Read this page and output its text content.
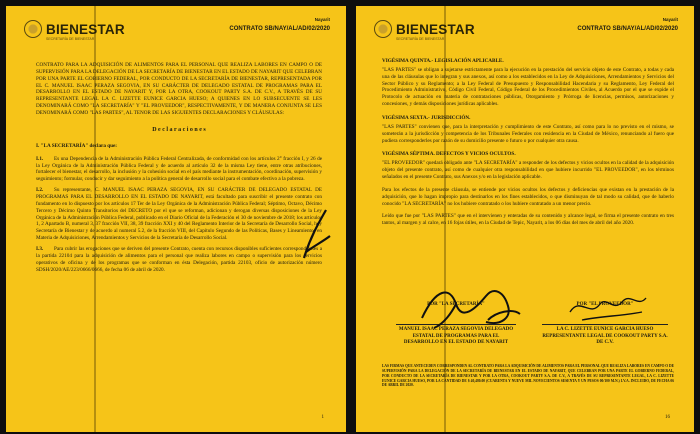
BIENESTAR
SECRETARÍA DE BIENESTAR
Nayarit
CONTRATO SB/NAY/AL/AD/02/2020

CONTRATO PARA LA ADQUISICIÓN DE ALIMENTOS PARA EL PERSONAL QUE REALIZA LABORES EN CAMPO O DE SUPERVISIÓN PARA LA DELEGACIÓN DE LA SECRETARÍA DE BIENESTAR EN EL ESTADO DE NAYARIT QUE CELEBRAN POR UNA PARTE EL GOBIERNO FEDERAL, POR CONDUCTO DE LA SECRETARÍA DE BIENESTAR, REPRESENTADA POR EL C. MANUEL ISAAC PERAZA SEGOVIA, EN SU CARÁCTER DE DELEGADO ESTATAL DE PROGRAMAS PARA EL DESARROLLO EN EL ESTADO DE NAYARIT Y, POR LA OTRA, COOKOUT PARTY S.A. DE C.V., A TRAVÉS DE SU REPRESENTANTE LEGAL LA C. LIZETTE EUNICE GARCIA HUESO; A QUIENES EN LO SUBSECUENTE SE LES DENOMINARÁ COMO "LA SECRETARÍA" Y "EL PROVEEDOR", RESPECTIVAMENTE, Y DE MANERA CONJUNTA SE LES DENOMINARÁ COMO "LAS PARTES", AL TENOR DE LAS SIGUIENTES DECLARACIONES Y CLÁUSULAS:

D e c l a r a c i o n e s

I. "LA SECRETARÍA" declara que:

I.1. Es una Dependencia de la Administración Pública Federal Centralizada, de conformidad con los artículos 2° fracción I, y 26 de la Ley Orgánica de la Administración Pública Federal y de acuerdo al artículo 32 de la misma Ley tiene, entre otras atribuciones, fortalecer el bienestar, el desarrollo, la inclusión y la cohesión social en el país mediante la instrumentación, coordinación, supervisión y seguimiento; formular, conducir y dar seguimiento a la política general de desarrollo social para el combate efectivo a la pobreza.

I.2. Su representante, C. MANUEL ISAAC PERAZA SEGOVIA, EN SU CARÁCTER DE DELEGADO ESTATAL DE PROGRAMAS PARA EL DESARROLLO EN EL ESTADO DE NAYARIT, está facultado para suscribir el presente contrato con fundamento en lo dispuesto por los artículos 17 Ter de la Ley Orgánica de la Administración Pública Federal; Séptimo, Octavo, Décimo Tercero y Décimo Quinto Transitorios del DECRETO por el que se reforman, adicionan y derogan diversas disposiciones de la Ley Orgánica de la Administración Pública Federal, publicado en el Diario Oficial de la Federación el 30 de noviembre de 2018; los artículos 1, 2 Apartado B, numeral 3, 37 fracción VII, 38, 39 fracción XXI y 40 del Reglamento Interior de la Secretaría de Desarrollo Social, hoy Secretaría de Bienestar y de acuerdo al numeral 5.2, de la fracción VIII, del Capítulo Segundo de las Políticas, Bases y Lineamientos en Materia de Adquisiciones, Arrendamientos y Servicios de la Secretaría de Desarrollo Social.

I.3. Para cubrir las erogaciones que se deriven del presente Contrato, cuenta con recursos disponibles suficientes correspondientes a la partida 22104 para la adquisición de alimentos para el personal que realiza labores en campo o supervisión para los servicios operativos de oficina y de los programas que se conforman en ésta Delegación, partida 22103, oficio de autorización número SDSH/2020/AE/223/0666/0666, de fecha 06 de abril de 2020.

1
BIENESTAR
SECRETARÍA DE BIENESTAR
Nayarit
CONTRATO SB/NAY/AL/AD/02/2020

VIGÉSIMA QUINTA.- LEGISLACIÓN APLICABLE.

"LAS PARTES" se obligan a sujetarse estrictamente para la ejecución en la prestación del servicio objeto de este Contrato, a todas y cada una de las cláusulas que lo integran y sus anexos, así como a los establecidos en la Ley de Adquisiciones, Arrendamientos y Servicios del Sector Público y su Reglamento; a la Ley Federal de Presupuesto y Responsabilidad Hacendaria y su Reglamento, Ley Federal del Procedimiento Administrativo, Código Civil Federal, Código Federal de los Procedimientos Civiles, al Acuerdo por el que se expide el Protocolo de actuación en materia de contrataciones públicas, Otorgamiento y Prórroga de licencias, permisos, autorizaciones y concesiones, y demás disposiciones jurídicas aplicables.

VIGÉSIMA SEXTA.- JURISDICCIÓN.

"LAS PARTES" convienen que, para la interpretación y cumplimiento de este Contrato, así como para lo no previsto en el mismo, se someterán a la jurisdicción y competencia de los Tribunales Federales con residencia en la Ciudad de México, renunciando al fuero que pudiera corresponderles por razón de su domicilio presente o futuro o por cualquier otra causa.

VIGÉSIMA SÉPTIMA. DEFECTOS Y VICIOS OCULTOS.

"EL PROVEEDOR" quedará obligado ante "LA SECRETARÍA" a responder de los defectos y vicios ocultos en la calidad de la adquisición objeto del presente contrato, así como de cualquier otra responsabilidad en que hubiere incurrido "EL PROVEEDOR", en los términos señalados en el presente Contrato, sus Anexos y/o en la legislación aplicable.

Para los efectos de la presente cláusula, se entiende por vicios ocultos los defectos y deficiencias que existan en la prestación de la adquisición, que lo hagan impropio para destinarlos en los fines establecidos, o que disminuyan de tal modo su calidad, que de haberlo conocido "LA SECRETARÍA" no los hubiere contratado o los hubiere contratado a un menor precio.

Leído que fue por "LAS PARTES" que en el intervienen y enteradas de su contenido y alcance legal, se firma el presente contrato en tres tantos, al margen y al calce, en 16 fojas útiles, en la Ciudad de Tepic, Nayarit, a los 06 días del mes de abril del año 2020.

POR "LA SECRETARÍA"
MANUEL ISAAC PERAZA SEGOVIA DELEGADO ESTATAL DE PROGRAMAS PARA EL DESARROLLO EN EL ESTADO DE NAYARIT
POR "EL PROVEEDOR"
LA C. LIZETTE EUNICE GARCIA HUESO REPRESENTANTE LEGAL DE COOKOUT PARTY S.A. DE C.V.

LAS FIRMAS QUE ANTECEDEN CORRESPONDEN AL CONTRATO PARA LA ADQUISICIÓN DE ALIMENTOS PARA EL PERSONAL QUE REALIZA LABORES EN CAMPO O DE SUPERVISIÓN PARA LA DELEGACIÓN DE LA SECRETARÍA DE BIENESTAR EN EL ESTADO DE NAYARIT, QUE CELEBRAN POR UNA PARTE EL GOBIERNO FEDERAL, POR CONDUCTO DE LA SECRETARÍA DE BIENESTAR Y POR LA OTRA, COOKOUT PARTY S.A. DE C.V., A TRAVÉS DE SU REPRESENTANTE LEGAL, LA C. LIZETTE EUNICE GARCIA HUESO, POR LA CANTIDAD DE $ 40,480.00 (CUARENTA Y NUEVE MIL NOVECIENTOS SESENTA Y UN PESOS 00/100 M.N.) I.V.A. INCLUIDO, DE FECHA 06 DE ABRIL DE 2020.

16
